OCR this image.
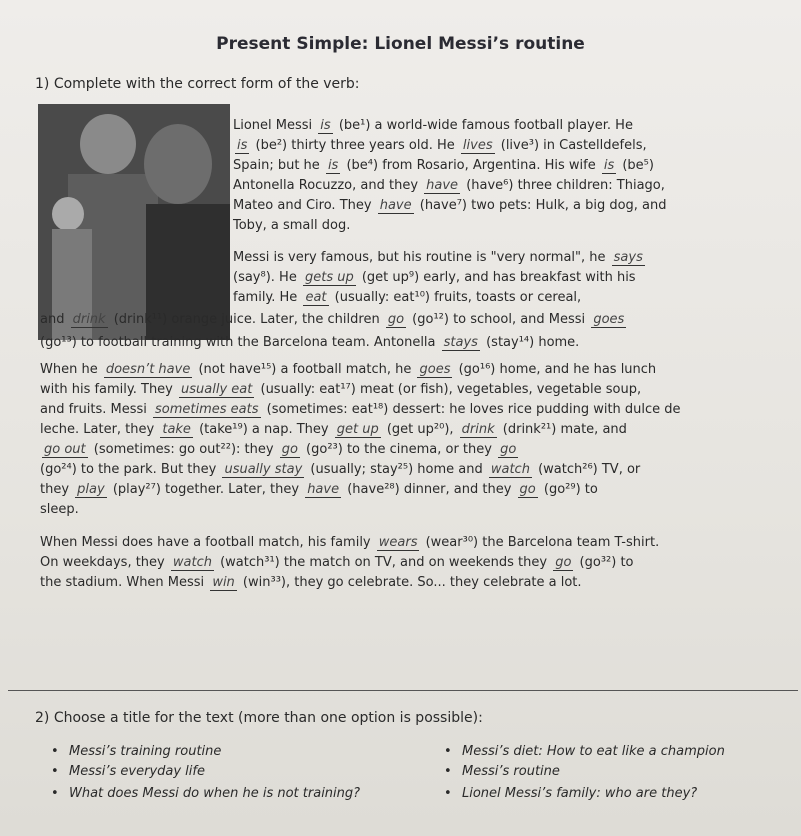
Present Simple: Lionel Messi’s routine
1) Complete with the correct form of the verb:
Lionel Messi is (be¹) a world-wide famous football player. He
is (be²) thirty three years old. He lives (live³) in Castelldefels,
Spain; but he is (be⁴) from Rosario, Argentina. His wife is (be⁵)
Antonella Rocuzzo, and they have (have⁶) three children: Thiago,
Mateo and Ciro. They have (have⁷) two pets: Hulk, a big dog, and
Toby, a small dog.
Messi is very famous, but his routine is "very normal", he says
(say⁸). He gets up (get up⁹) early, and has breakfast with his
family. He eat (usually: eat¹⁰) fruits, toasts or cereal,
and drink (drink¹¹) orange juice. Later, the children go (go¹²) to school, and Messi goes
(go¹³) to football training with the Barcelona team. Antonella stays (stay¹⁴) home.
When he doesn’t have (not have¹⁵) a football match, he goes (go¹⁶) home, and he has lunch
with his family. They usually eat (usually: eat¹⁷) meat (or fish), vegetables, vegetable soup,
and fruits. Messi sometimes eats (sometimes: eat¹⁸) dessert: he loves rice pudding with dulce de
leche. Later, they take (take¹⁹) a nap. They get up (get up²⁰), drink (drink²¹) mate, and
go out (sometimes: go out²²): they go (go²³) to the cinema, or they go
(go²⁴) to the park. But they usually stay (usually; stay²⁵) home and watch (watch²⁶) TV, or
they play (play²⁷) together. Later, they have (have²⁸) dinner, and they go (go²⁹) to
sleep.
When Messi does have a football match, his family wears (wear³⁰) the Barcelona team T-shirt.
On weekdays, they watch (watch³¹) the match on TV, and on weekends they go (go³²) to
the stadium. When Messi win (win³³), they go celebrate. So... they celebrate a lot.
2) Choose a title for the text (more than one option is possible):
• Messi’s training routine	• Messi’s diet: How to eat like a champion
• Messi’s everyday life	• Messi’s routine
• What does Messi do when he is not training?	• Lionel Messi’s family: who are they?
